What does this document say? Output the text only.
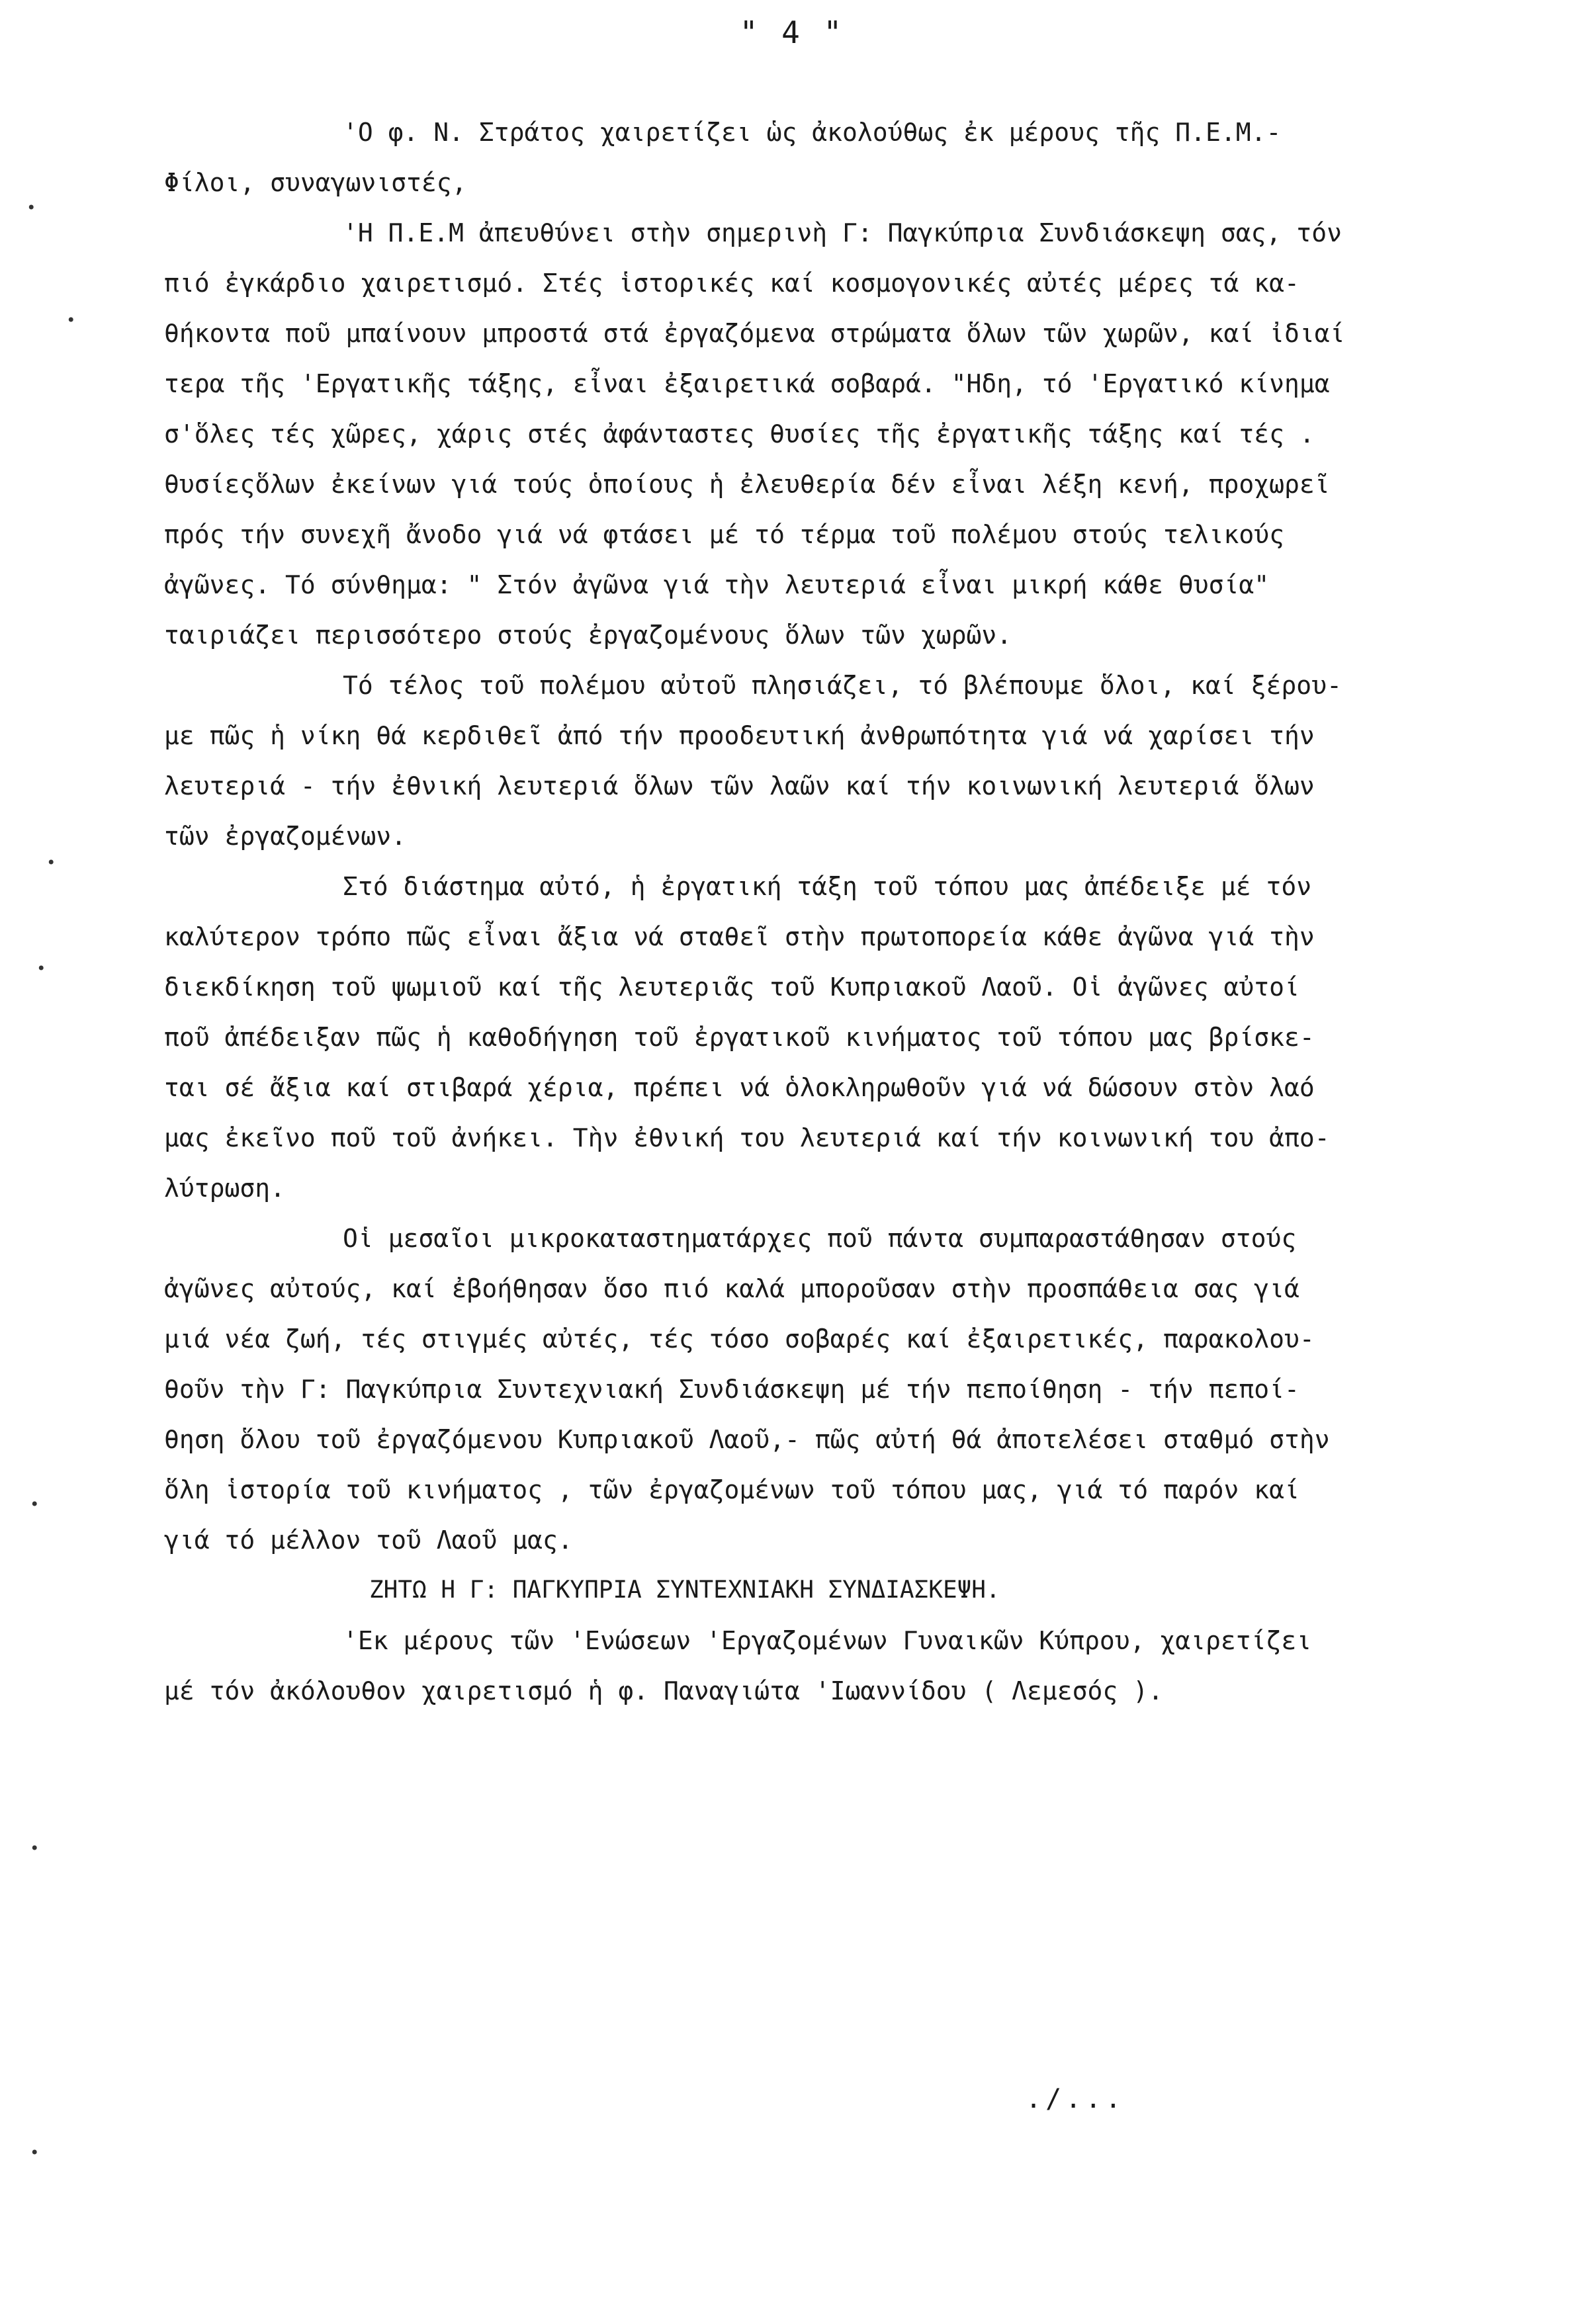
" 4 "
'Ο φ. Ν. Στράτος χαιρετίζει ὡς ἀκολούθως ἐκ μέρους τῆς Π.Ε.Μ.-
Φίλοι, συναγωνιστές,
'Η Π.Ε.Μ ἀπευθύνει στὴν σημερινὴ Γ: Παγκύπρια Συνδιάσκεψη σας, τόν
πιό ἐγκάρδιο χαιρετισμό. Στές ἱστορικές καί κοσμογονικές αὐτές μέρες τά κα-
θήκοντα ποῦ μπαίνουν μπροστά στά ἐργαζόμενα στρώματα ὅλων τῶν χωρῶν, καί ἰδιαί
τερα τῆς 'Εργατικῆς τάξης, εἶναι ἐξαιρετικά σοβαρά. "Ηδη, τό 'Εργατικό κίνημα
σ'ὅλες τές χῶρες, χάρις στές ἀφάνταστες θυσίες τῆς ἐργατικῆς τάξης καί τές .
θυσίεςὅλων ἐκείνων γιά τούς ὁποίους ἡ ἐλευθερία δέν εἶναι λέξη κενή, προχωρεῖ
πρός τήν συνεχῆ ἄνοδο γιά νά φτάσει μέ τό τέρμα τοῦ πολέμου στούς τελικούς
ἀγῶνες. Τό σύνθημα: " Στόν ἀγῶνα γιά τὴν λευτεριά εἶναι μικρή κάθε θυσία"
ταιριάζει περισσότερο στούς ἐργαζομένους ὅλων τῶν χωρῶν.
Τό τέλος τοῦ πολέμου αὐτοῦ πλησιάζει, τό βλέπουμε ὅλοι, καί ξέρου-
με πῶς ἡ νίκη θά κερδιθεῖ ἀπό τήν προοδευτική ἀνθρωπότητα γιά νά χαρίσει τήν
λευτεριά - τήν ἐθνική λευτεριά ὅλων τῶν λαῶν καί τήν κοινωνική λευτεριά ὅλων
τῶν ἐργαζομένων.
Στό διάστημα αὐτό, ἡ ἐργατική τάξη τοῦ τόπου μας ἀπέδειξε μέ τόν
καλύτερον τρόπο πῶς εἶναι ἄξια νά σταθεῖ στὴν πρωτοπορεία κάθε ἀγῶνα γιά τὴν
διεκδίκηση τοῦ ψωμιοῦ καί τῆς λευτεριᾶς τοῦ Κυπριακοῦ Λαοῦ. Οἱ ἀγῶνες αὐτοί
ποῦ ἀπέδειξαν πῶς ἡ καθοδήγηση τοῦ ἐργατικοῦ κινήματος τοῦ τόπου μας βρίσκε-
ται σέ ἄξια καί στιβαρά χέρια, πρέπει νά ὁλοκληρωθοῦν γιά νά δώσουν στὸν λαό
μας ἐκεῖνο ποῦ τοῦ ἀνήκει. Τὴν ἐθνική του λευτεριά καί τήν κοινωνική του ἀπο-
λύτρωση.
Οἱ μεσαῖοι μικροκαταστηματάρχες ποῦ πάντα συμπαραστάθησαν στούς
ἀγῶνες αὐτούς, καί ἐβοήθησαν ὅσο πιό καλά μποροῦσαν στὴν προσπάθεια σας γιά
μιά νέα ζωή, τές στιγμές αὐτές, τές τόσο σοβαρές καί ἐξαιρετικές, παρακολου-
θοῦν τὴν Γ: Παγκύπρια Συντεχνιακή Συνδιάσκεψη μέ τήν πεποίθηση - τήν πεποί-
θηση ὅλου τοῦ ἐργαζόμενου Κυπριακοῦ Λαοῦ,- πῶς αὐτή θά ἀποτελέσει σταθμό στὴν
ὅλη ἱστορία τοῦ κινήματος , τῶν ἐργαζομένων τοῦ τόπου μας, γιά τό παρόν καί
γιά τό μέλλον τοῦ Λαοῦ μας.
ΖΗΤΩ Η Γ: ΠΑΓΚΥΠΡΙΑ ΣΥΝΤΕΧΝΙΑΚΗ ΣΥΝΔΙΑΣΚΕΨΗ.
'Εκ μέρους τῶν 'Ενώσεων 'Εργαζομένων Γυναικῶν Κύπρου, χαιρετίζει
μέ τόν ἀκόλουθον χαιρετισμό ἡ φ. Παναγιώτα 'Ιωαννίδου ( Λεμεσός ).
./...
•
•
•
•
•
•
•
